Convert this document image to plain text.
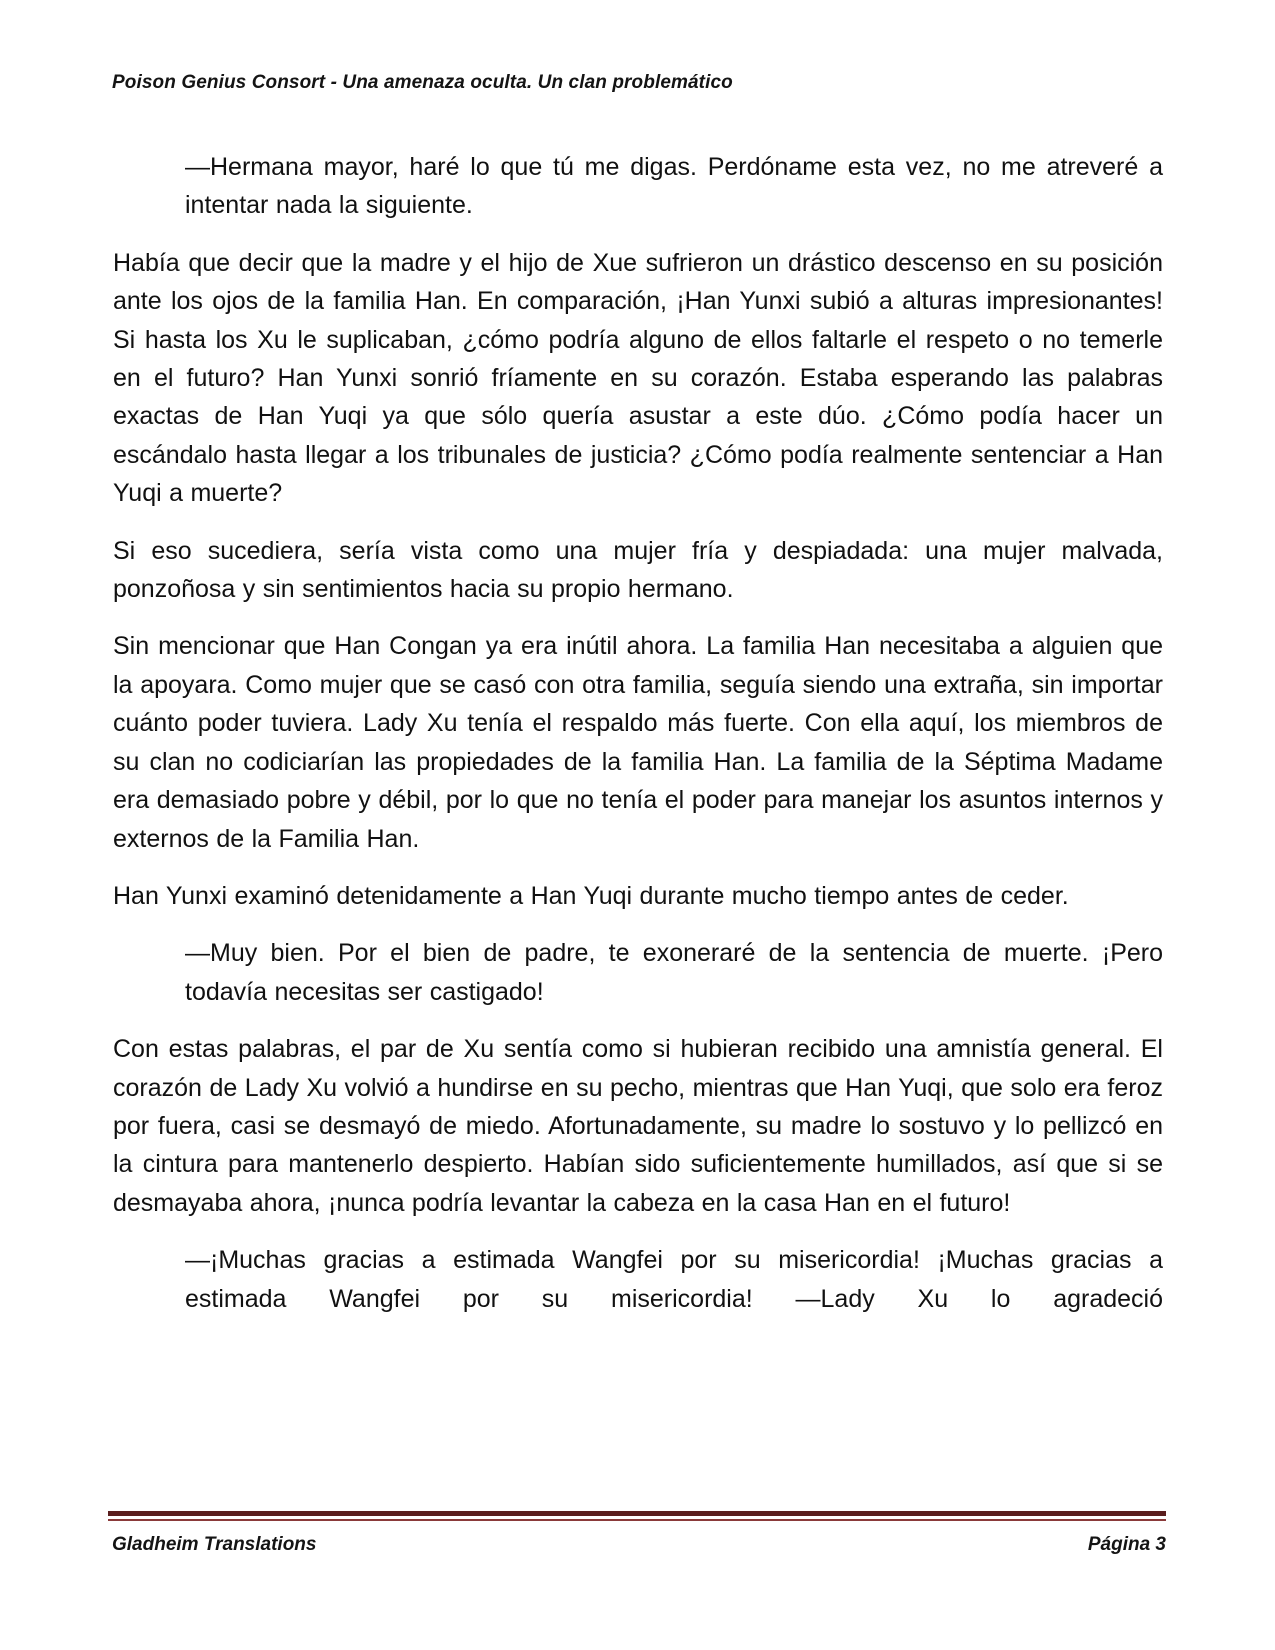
Poison Genius Consort - Una amenaza oculta. Un clan problemático

—Hermana mayor, haré lo que tú me digas. Perdóname esta vez, no me atreveré a intentar nada la siguiente.

Había que decir que la madre y el hijo de Xue sufrieron un drástico descenso en su posición ante los ojos de la familia Han. En comparación, ¡Han Yunxi subió a alturas impresionantes! Si hasta los Xu le suplicaban, ¿cómo podría alguno de ellos faltarle el respeto o no temerle en el futuro? Han Yunxi sonrió fríamente en su corazón. Estaba esperando las palabras exactas de Han Yuqi ya que sólo quería asustar a este dúo. ¿Cómo podía hacer un escándalo hasta llegar a los tribunales de justicia? ¿Cómo podía realmente sentenciar a Han Yuqi a muerte?

Si eso sucediera, sería vista como una mujer fría y despiadada: una mujer malvada, ponzoñosa y sin sentimientos hacia su propio hermano.

Sin mencionar que Han Congan ya era inútil ahora. La familia Han necesitaba a alguien que la apoyara. Como mujer que se casó con otra familia, seguía siendo una extraña, sin importar cuánto poder tuviera. Lady Xu tenía el respaldo más fuerte. Con ella aquí, los miembros de su clan no codiciarían las propiedades de la familia Han. La familia de la Séptima Madame era demasiado pobre y débil, por lo que no tenía el poder para manejar los asuntos internos y externos de la Familia Han.

Han Yunxi examinó detenidamente a Han Yuqi durante mucho tiempo antes de ceder.

—Muy bien. Por el bien de padre, te exoneraré de la sentencia de muerte. ¡Pero todavía necesitas ser castigado!

Con estas palabras, el par de Xu sentía como si hubieran recibido una amnistía general. El corazón de Lady Xu volvió a hundirse en su pecho, mientras que Han Yuqi, que solo era feroz por fuera, casi se desmayó de miedo. Afortunadamente, su madre lo sostuvo y lo pellizcó en la cintura para mantenerlo despierto. Habían sido suficientemente humillados, así que si se desmayaba ahora, ¡nunca podría levantar la cabeza en la casa Han en el futuro!

—¡Muchas gracias a estimada Wangfei por su misericordia! ¡Muchas gracias a estimada Wangfei por su misericordia! —Lady Xu lo agradeció

Gladheim Translations	Página 3
